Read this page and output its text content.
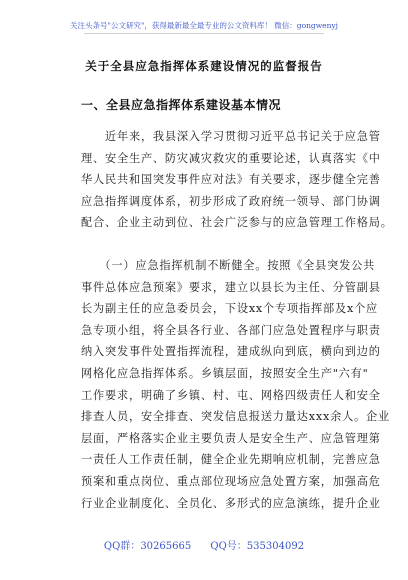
关注头条号"公文研究"，获得最新最全最专业的公文资料库！ 微信：gongwenyj
关于全县应急指挥体系建设情况的监督报告
一、全县应急指挥体系建设基本情况
　　近年来，我县深入学习贯彻习近平总书记关于应急管
理、安全生产、防灾减灾救灾的重要论述，认真落实《中
华人民共和国突发事件应对法》有关要求，逐步健全完善
应急指挥调度体系，初步形成了政府统一领导、部门协调
配合、企业主动到位、社会广泛参与的应急管理工作格局。
　　（一）应急指挥机制不断健全。按照《全县突发公共
事件总体应急预案》要求，建立以县长为主任、分管副县
长为副主任的应急委员会，下设xx个专项指挥部及x个应
急专项小组，将全县各行业、各部门应急处置程序与职责
纳入突发事件处置指挥流程，建成纵向到底，横向到边的
网格化应急指挥体系。乡镇层面，按照安全生产"六有"
工作要求，明确了乡镇、村、屯、网格四级责任人和安全
排查人员，安全排查、突发信息报送力量达xxx余人。企业
层面，严格落实企业主要负责人是安全生产、应急管理第
一责任人工作责任制，健全企业先期响应机制，完善应急
预案和重点岗位、重点部位现场应急处置方案，加强高危
行业企业制度化、全员化、多形式的应急演练，提升企业
QQ群：30265665 QQ号：535304092
